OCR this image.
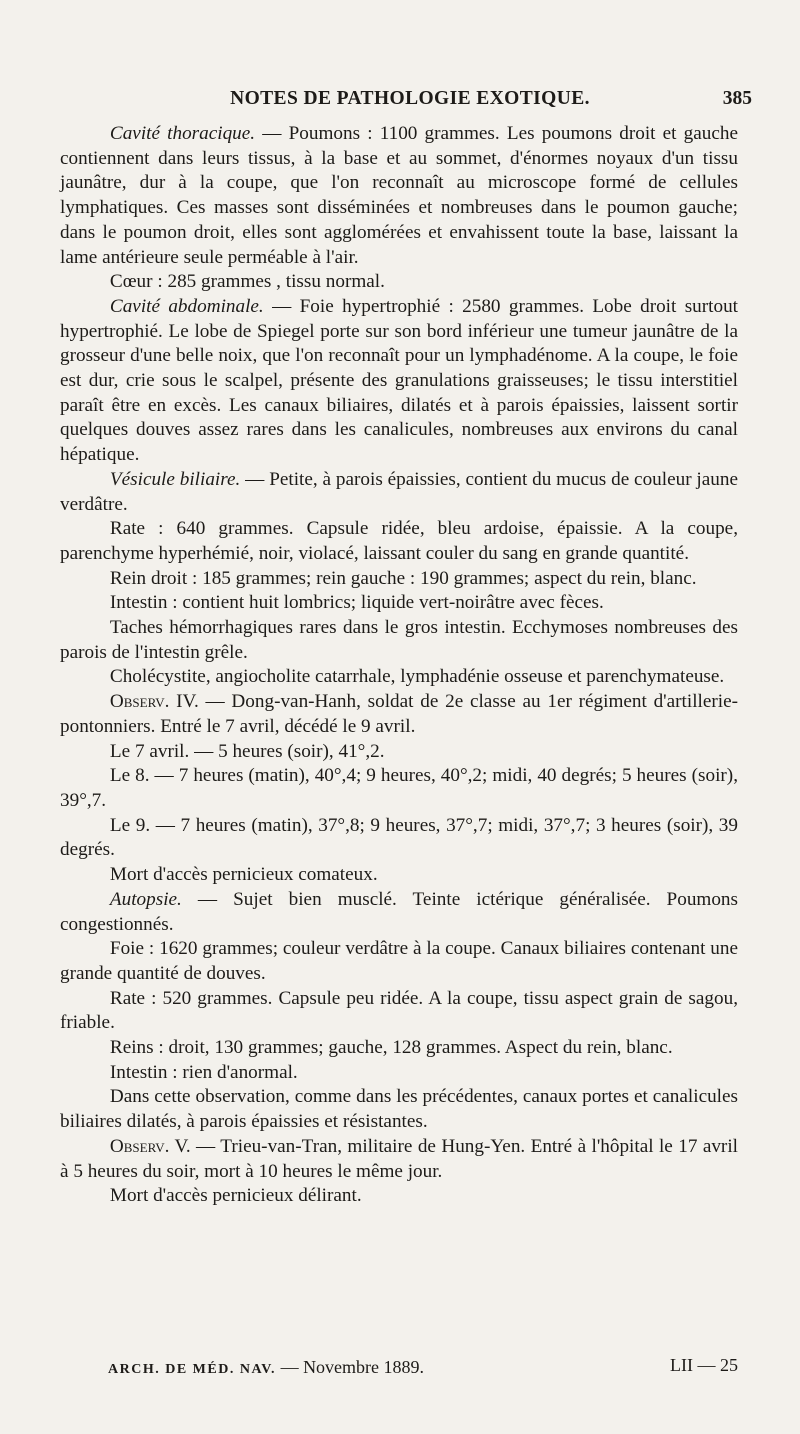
NOTES DE PATHOLOGIE EXOTIQUE.	385

Cavité thoracique. — Poumons : 1100 grammes. Les poumons droit et gauche contiennent dans leurs tissus, à la base et au sommet, d'énormes noyaux d'un tissu jaunâtre, dur à la coupe, que l'on reconnaît au microscope formé de cellules lymphatiques. Ces masses sont disséminées et nombreuses dans le poumon gauche; dans le poumon droit, elles sont agglomérées et envahissent toute la base, laissant la lame antérieure seule perméable à l'air.

Cœur : 285 grammes , tissu normal.

Cavité abdominale. — Foie hypertrophié : 2580 grammes. Lobe droit surtout hypertrophié. Le lobe de Spiegel porte sur son bord inférieur une tumeur jaunâtre de la grosseur d'une belle noix, que l'on reconnaît pour un lymphadénome. A la coupe, le foie est dur, crie sous le scalpel, présente des granulations graisseuses; le tissu interstitiel paraît être en excès. Les canaux biliaires, dilatés et à parois épaissies, laissent sortir quelques douves assez rares dans les canalicules, nombreuses aux environs du canal hépatique.

Vésicule biliaire. — Petite, à parois épaissies, contient du mucus de couleur jaune verdâtre.

Rate : 640 grammes. Capsule ridée, bleu ardoise, épaissie. A la coupe, parenchyme hyperhémié, noir, violacé, laissant couler du sang en grande quantité.

Rein droit : 185 grammes; rein gauche : 190 grammes; aspect du rein, blanc.

Intestin : contient huit lombrics; liquide vert-noirâtre avec fèces.

Taches hémorrhagiques rares dans le gros intestin. Ecchymoses nombreuses des parois de l'intestin grêle.

Cholécystite, angiocholite catarrhale, lymphadénie osseuse et parenchymateuse.

Observ. IV. — Dong-van-Hanh, soldat de 2e classe au 1er régiment d'artillerie-pontonniers. Entré le 7 avril, décédé le 9 avril.

Le 7 avril. — 5 heures (soir), 41°,2.

Le 8. — 7 heures (matin), 40°,4; 9 heures, 40°,2; midi, 40 degrés; 5 heures (soir), 39°,7.

Le 9. — 7 heures (matin), 37°,8; 9 heures, 37°,7; midi, 37°,7; 3 heures (soir), 39 degrés.

Mort d'accès pernicieux comateux.

Autopsie. — Sujet bien musclé. Teinte ictérique généralisée. Poumons congestionnés.

Foie : 1620 grammes; couleur verdâtre à la coupe. Canaux biliaires contenant une grande quantité de douves.

Rate : 520 grammes. Capsule peu ridée. A la coupe, tissu aspect grain de sagou, friable.

Reins : droit, 130 grammes; gauche, 128 grammes. Aspect du rein, blanc.

Intestin : rien d'anormal.

Dans cette observation, comme dans les précédentes, canaux portes et canalicules biliaires dilatés, à parois épaissies et résistantes.

Observ. V. — Trieu-van-Tran, militaire de Hung-Yen. Entré à l'hôpital le 17 avril à 5 heures du soir, mort à 10 heures le même jour.

Mort d'accès pernicieux délirant.

ARCH. DE MÉD. NAV. — Novembre 1889.	LII — 25
